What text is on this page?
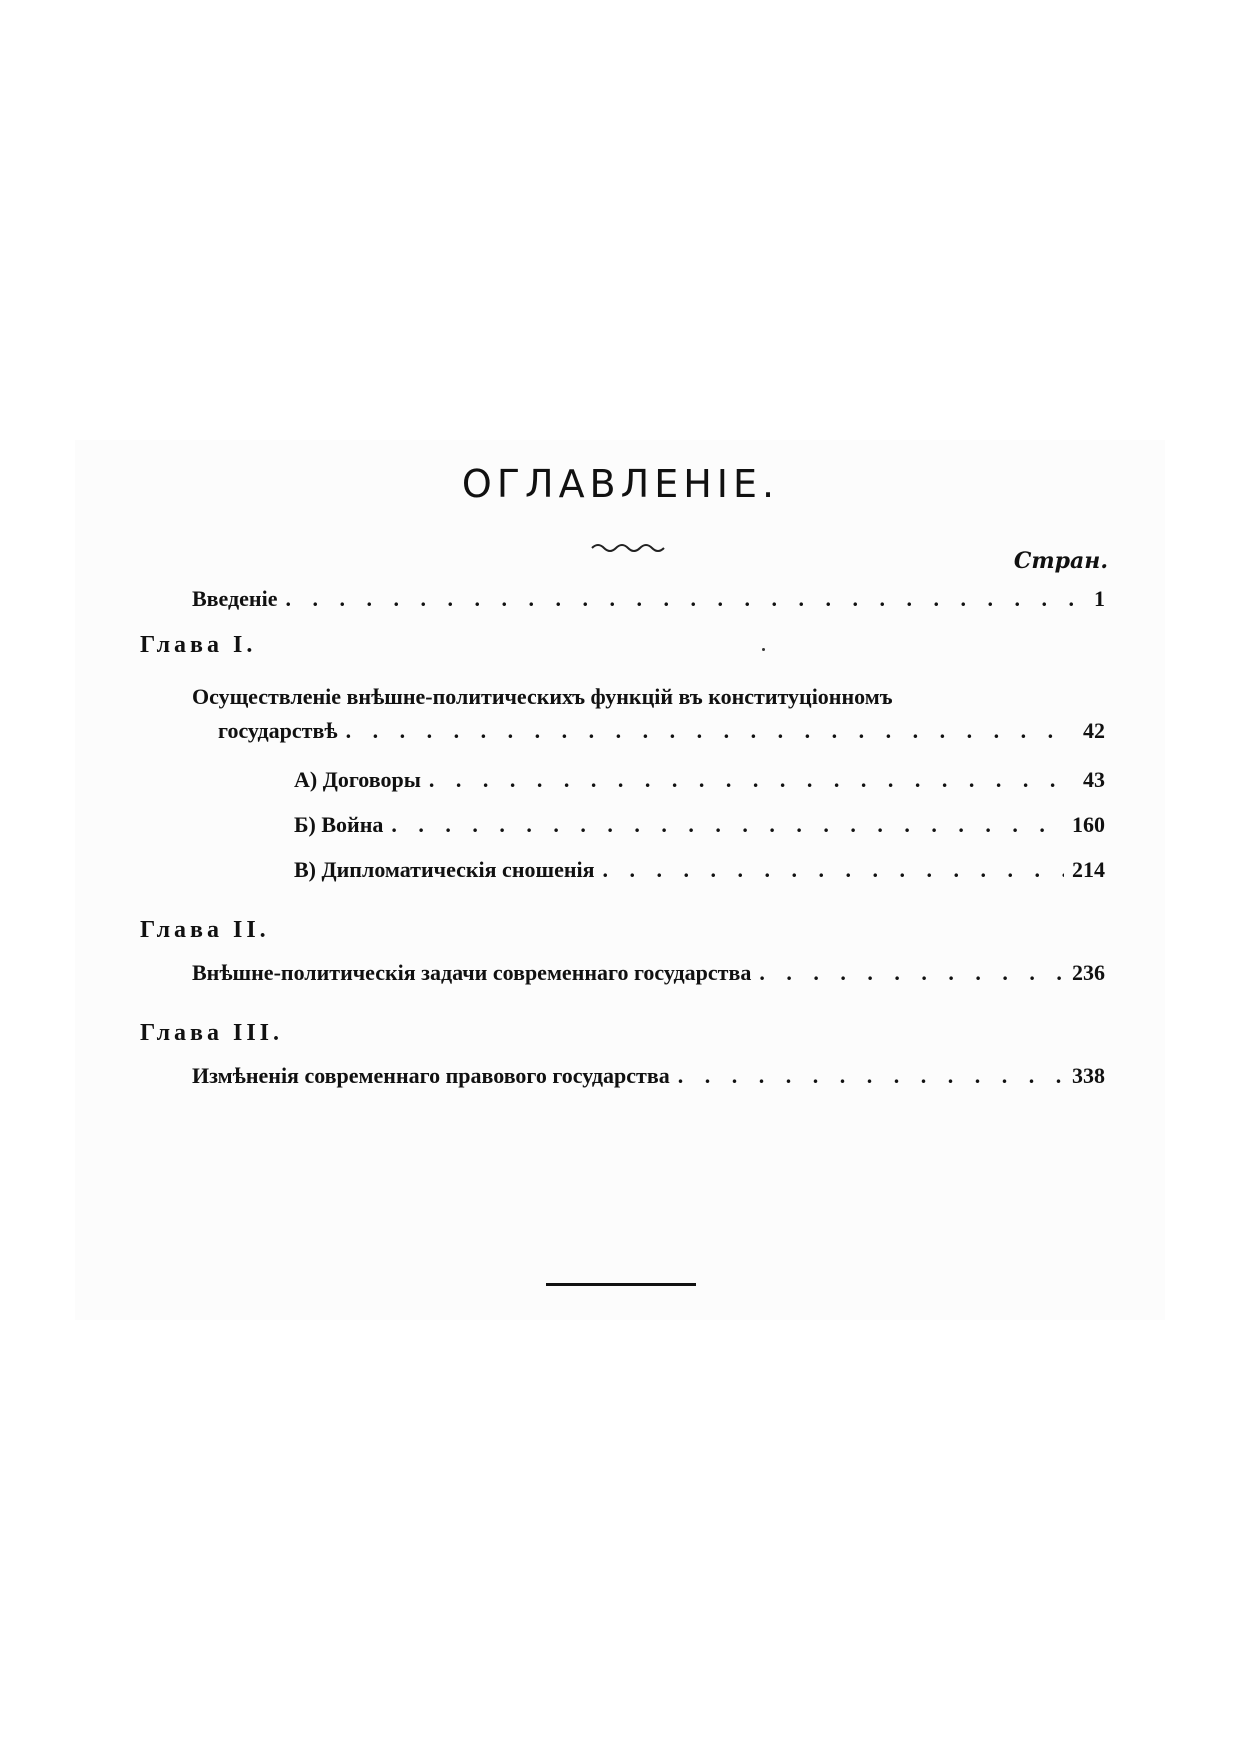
ОГЛАВЛЕНIЕ.
Стран.
Введенiе . . .	1
Глава I.
Осуществленiе внѣшне-политическихъ функцiй въ конституцiонномъ
государствѣ . . .	42
А) Договоры . . .	43
Б) Война . . .	160
В) Дипломатическiя сношенiя . . .	214
Глава II.
Внѣшне-политическiя задачи современнаго государства . . .	236
Глава III.
Измѣненiя современнаго правового государства . . .	338
